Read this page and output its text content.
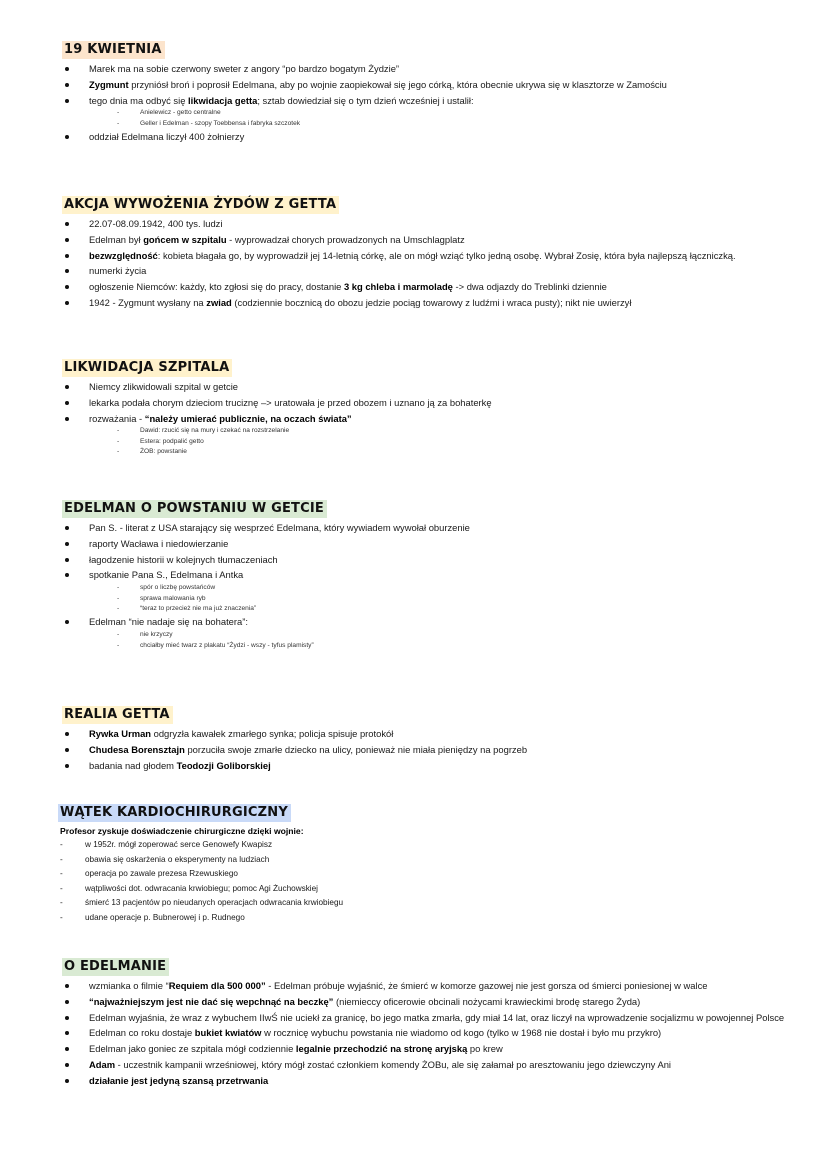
19 KWIETNIA
Marek ma na sobie czerwony sweter z angory “po bardzo bogatym Żydzie”
Zygmunt przyniósł broń i poprosił Edelmana, aby po wojnie zaopiekował się jego córką, która obecnie ukrywa się w klasztorze w Zamościu
tego dnia ma odbyć się likwidacja getta; sztab dowiedział się o tym dzień wcześniej i ustalił:
- Anielewicz - getto centralne
- Geller i Edelman - szopy Toebbensa i fabryka szczotek
oddział Edelmana liczył 400 żołnierzy
AKCJA WYWOŻENIA ŻYDÓW Z GETTA
22.07-08.09.1942, 400 tys. ludzi
Edelman był gońcem w szpitalu - wyprowadzał chorych prowadzonych na Umschlagplatz
bezwzględność: kobieta błagała go, by wyprowadził jej 14-letnią córkę, ale on mógł wziąć tylko jedną osobę. Wybrał Zosię, która była najlepszą łączniczką.
numerki życia
ogłoszenie Niemców: każdy, kto zgłosi się do pracy, dostanie 3 kg chleba i marmoladę -> dwa odjazdy do Treblinki dziennie
1942 - Zygmunt wysłany na zwiad (codziennie bocznicą do obozu jedzie pociąg towarowy z ludźmi i wraca pusty); nikt nie uwierzył
LIKWIDACJA SZPITALA
Niemcy zlikwidowali szpital w getcie
lekarka podała chorym dzieciom truciznę –> uratowała je przed obozem i uznano ją za bohaterkę
rozważania - “należy umierać publicznie, na oczach świata”
- Dawid: rzucić się na mury i czekać na rozstrzelanie
- Estera: podpalić getto
- ŻOB: powstanie
EDELMAN O POWSTANIU W GETCIE
Pan S. - literat z USA starający się wesprzeć Edelmana, który wywiadem wywołał oburzenie
raporty Wacława i niedowierzanie
łagodzenie historii w kolejnych tłumaczeniach
spotkanie Pana S., Edelmana i Antka
- spór o liczbę powstańców
- sprawa malowania ryb
- “teraz to przecież nie ma już znaczenia”
Edelman “nie nadaje się na bohatera”:
- nie krzyczy
- chciałby mieć twarz z plakatu “Żydzi - wszy - tyfus plamisty”
REALIA GETTA
Rywka Urman odgryzła kawałek zmarłego synka; policja spisuje protokół
Chudesa Borensztajn porzuciła swoje zmarłe dziecko na ulicy, ponieważ nie miała pieniędzy na pogrzeb
badania nad głodem Teodozji Goliborskiej
WĄTEK KARDIOCHIRURGICZNY
Profesor zyskuje doświadczenie chirurgiczne dzięki wojnie:
- w 1952r. mógł zoperować serce Genowefy Kwapisz
- obawia się oskarżenia o eksperymenty na ludziach
- operacja po zawale prezesa Rzewuskiego
- wątpliwości dot. odwracania krwiobiegu; pomoc Agi Żuchowskiej
- śmierć 13 pacjentów po nieudanych operacjach odwracania krwiobiegu
- udane operacje p. Bubnerowej i p. Rudnego
O EDELMANIE
wzmianka o filmie “Requiem dla 500 000” - Edelman próbuje wyjaśnić, że śmierć w komorze gazowej nie jest gorsza od śmierci poniesionej w walce
“najważniejszym jest nie dać się wepchnąć na beczkę” (niemieccy oficerowie obcinali nożycami krawieckimi brodę starego Żyda)
Edelman wyjaśnia, że wraz z wybuchem IIwŚ nie uciekł za granicę, bo jego matka zmarła, gdy miał 14 lat, oraz liczył na wprowadzenie socjalizmu w powojennej Polsce
Edelman co roku dostaje bukiet kwiatów w rocznicę wybuchu powstania nie wiadomo od kogo (tylko w 1968 nie dostał i było mu przykro)
Edelman jako goniec ze szpitala mógł codziennie legalnie przechodzić na stronę aryjską po krew
Adam - uczestnik kampanii wrześniowej, który mógł zostać członkiem komendy ŻOBu, ale się załamał po aresztowaniu jego dziewczyny Ani
działanie jest jedyną szansą przetrwania
